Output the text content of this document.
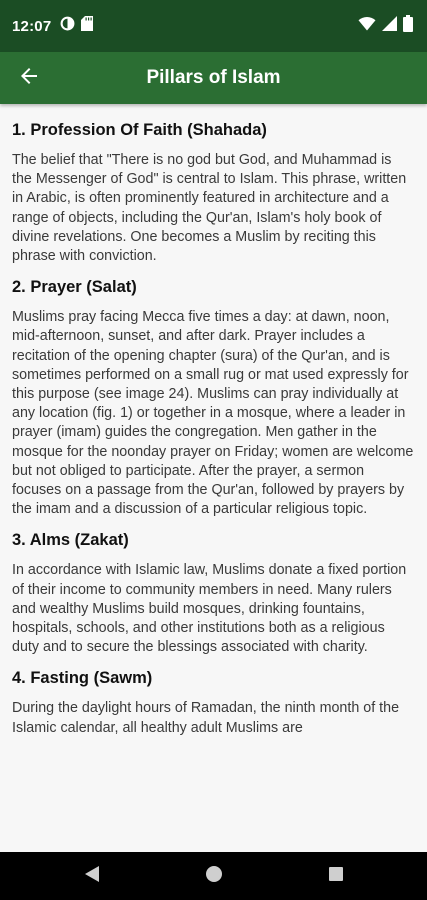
12:07
Pillars of Islam
1. Profession Of Faith (Shahada)

The belief that "There is no god but God, and Muhammad is the Messenger of God" is central to Islam. This phrase, written in Arabic, is often prominently featured in architecture and a range of objects, including the Qur'an, Islam's holy book of divine revelations. One becomes a Muslim by reciting this phrase with conviction.

2. Prayer (Salat)

Muslims pray facing Mecca five times a day: at dawn, noon, mid-afternoon, sunset, and after dark. Prayer includes a recitation of the opening chapter (sura) of the Qur'an, and is sometimes performed on a small rug or mat used expressly for this purpose (see image 24). Muslims can pray individually at any location (fig. 1) or together in a mosque, where a leader in prayer (imam) guides the congregation. Men gather in the mosque for the noonday prayer on Friday; women are welcome but not obliged to participate. After the prayer, a sermon focuses on a passage from the Qur'an, followed by prayers by the imam and a discussion of a particular religious topic.

3. Alms (Zakat)

In accordance with Islamic law, Muslims donate a fixed portion of their income to community members in need. Many rulers and wealthy Muslims build mosques, drinking fountains, hospitals, schools, and other institutions both as a religious duty and to secure the blessings associated with charity.

4. Fasting (Sawm)

During the daylight hours of Ramadan, the ninth month of the Islamic calendar, all healthy adult Muslims are
